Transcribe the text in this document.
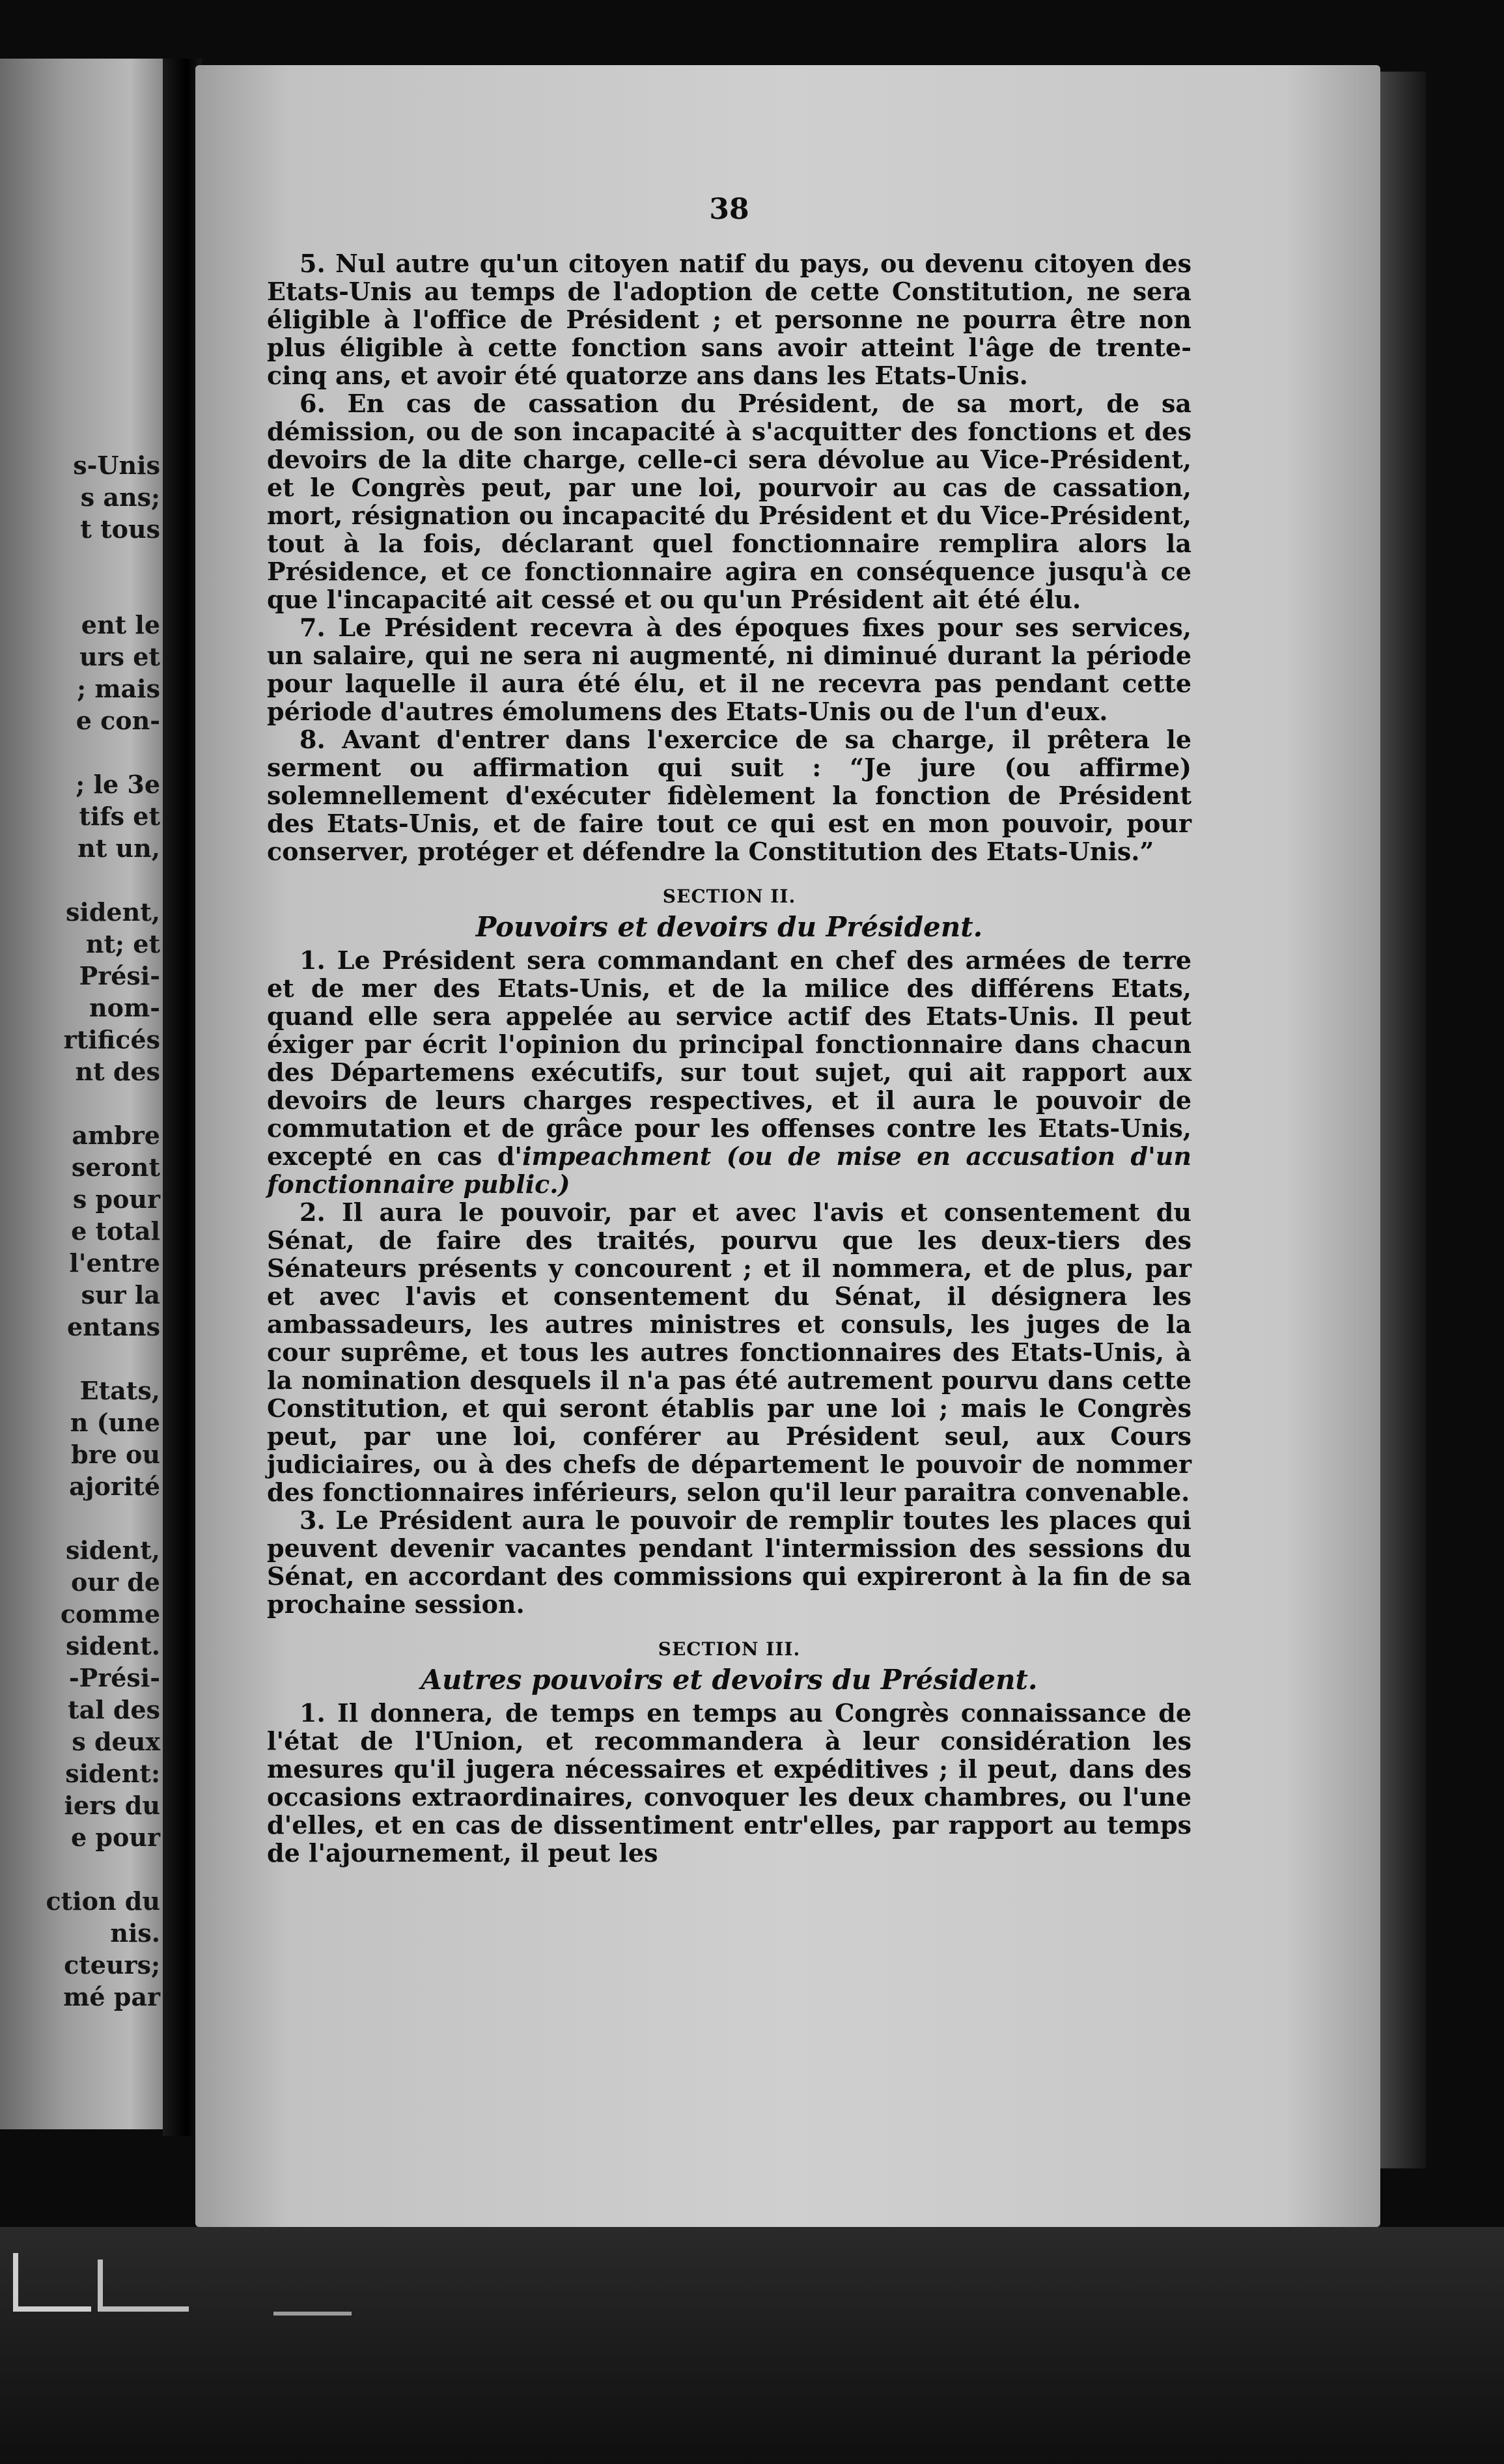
s-Unis
s ans;
t tous

ent le
urs et
; mais
e con-

; le 3e
tifs et
nt un,

sident,
nt; et
Prési-
nom-
rtificés
nt des

ambre
seront
s pour
e total
l'entre
sur la
entans

Etats,
n (une
bre ou
ajorité

sident,
our de
comme
sident.
-Prési-
tal des
s deux
sident:
iers du
e pour

ction du
nis.
cteurs;
mé par
38

5. Nul autre qu'un citoyen natif du pays, ou devenu citoyen des Etats-Unis au temps de l'adoption de cette Constitution, ne sera éligible à l'office de Président ; et personne ne pourra être non plus éligible à cette fonction sans avoir atteint l'âge de trente-cinq ans, et avoir été quatorze ans dans les Etats-Unis.

6. En cas de cassation du Président, de sa mort, de sa démission, ou de son incapacité à s'acquitter des fonctions et des devoirs de la dite charge, celle-ci sera dévolue au Vice-Président, et le Congrès peut, par une loi, pourvoir au cas de cassation, mort, résignation ou incapacité du Président et du Vice-Président, tout à la fois, déclarant quel fonctionnaire remplira alors la Présidence, et ce fonctionnaire agira en conséquence jusqu'à ce que l'incapacité ait cessé et ou qu'un Président ait été élu.

7. Le Président recevra à des époques fixes pour ses services, un salaire, qui ne sera ni augmenté, ni diminué durant la période pour laquelle il aura été élu, et il ne recevra pas pendant cette période d'autres émolumens des Etats-Unis ou de l'un d'eux.

8. Avant d'entrer dans l'exercice de sa charge, il prêtera le serment ou affirmation qui suit : “Je jure (ou affirme) solemnellement d'exécuter fidèlement la fonction de Président des Etats-Unis, et de faire tout ce qui est en mon pouvoir, pour conserver, protéger et défendre la Constitution des Etats-Unis.”

SECTION II.
Pouvoirs et devoirs du Président.

1. Le Président sera commandant en chef des armées de terre et de mer des Etats-Unis, et de la milice des différens Etats, quand elle sera appelée au service actif des Etats-Unis. Il peut éxiger par écrit l'opinion du principal fonctionnaire dans chacun des Départemens exécutifs, sur tout sujet, qui ait rapport aux devoirs de leurs charges respectives, et il aura le pouvoir de commutation et de grâce pour les offenses contre les Etats-Unis, excepté en cas d'impeachment (ou de mise en accusation d'un fonctionnaire public.)

2. Il aura le pouvoir, par et avec l'avis et consentement du Sénat, de faire des traités, pourvu que les deux-tiers des Sénateurs présents y concourent ; et il nommera, et de plus, par et avec l'avis et consentement du Sénat, il désignera les ambassadeurs, les autres ministres et consuls, les juges de la cour suprême, et tous les autres fonctionnaires des Etats-Unis, à la nomination desquels il n'a pas été autrement pourvu dans cette Constitution, et qui seront établis par une loi ; mais le Congrès peut, par une loi, conférer au Président seul, aux Cours judiciaires, ou à des chefs de département le pouvoir de nommer des fonctionnaires inférieurs, selon qu'il leur paraitra convenable.

3. Le Président aura le pouvoir de remplir toutes les places qui peuvent devenir vacantes pendant l'intermission des sessions du Sénat, en accordant des commissions qui expireront à la fin de sa prochaine session.

SECTION III.
Autres pouvoirs et devoirs du Président.

1. Il donnera, de temps en temps au Congrès connaissance de l'état de l'Union, et recommandera à leur considération les mesures qu'il jugera nécessaires et expéditives ; il peut, dans des occasions extraordinaires, convoquer les deux chambres, ou l'une d'elles, et en cas de dissentiment entr'elles, par rapport au temps de l'ajournement, il peut les
